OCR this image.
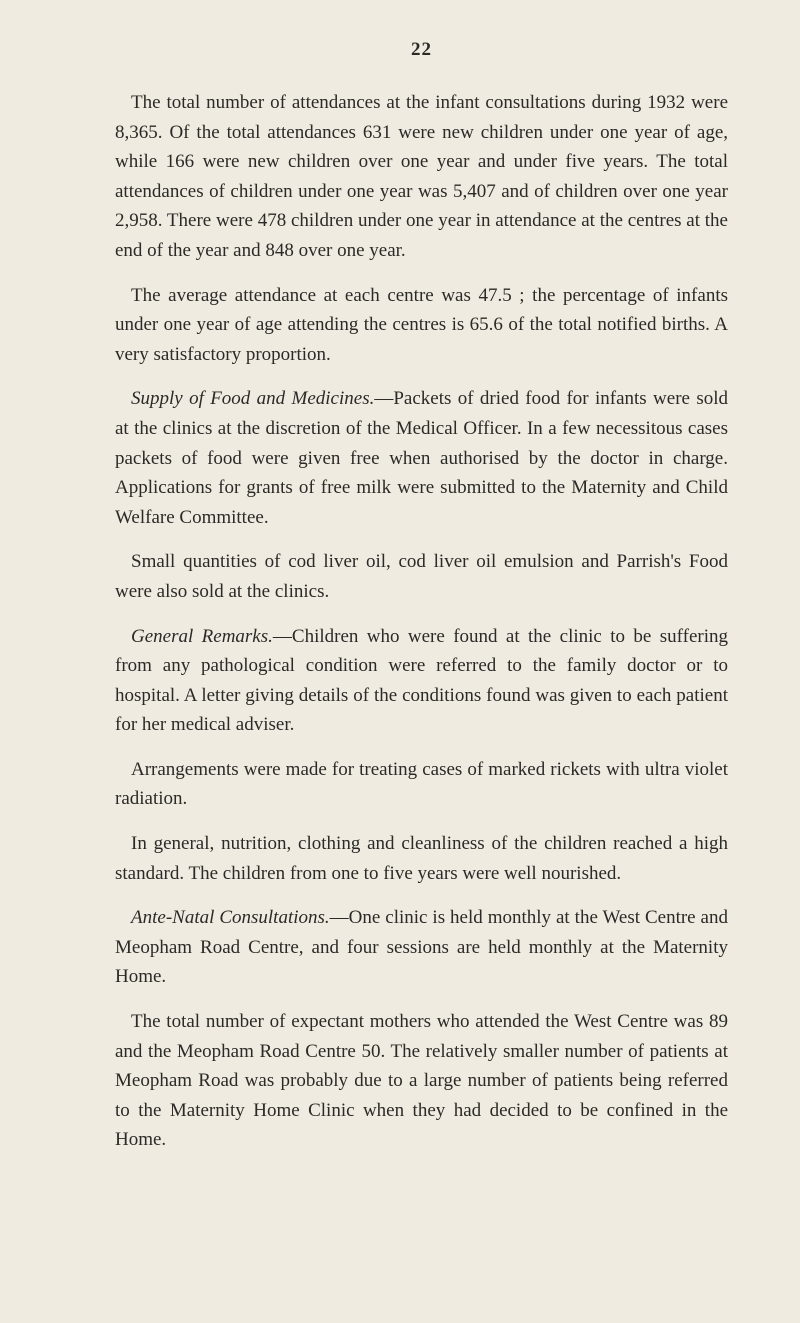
22

The total number of attendances at the infant consultations during 1932 were 8,365. Of the total attendances 631 were new children under one year of age, while 166 were new children over one year and under five years. The total attendances of children under one year was 5,407 and of children over one year 2,958. There were 478 children under one year in attendance at the centres at the end of the year and 848 over one year.

The average attendance at each centre was 47.5 ; the percentage of infants under one year of age attending the centres is 65.6 of the total notified births. A very satisfactory proportion.

Supply of Food and Medicines.—Packets of dried food for infants were sold at the clinics at the discretion of the Medical Officer. In a few necessitous cases packets of food were given free when authorised by the doctor in charge. Applications for grants of free milk were submitted to the Maternity and Child Welfare Committee.

Small quantities of cod liver oil, cod liver oil emulsion and Parrish's Food were also sold at the clinics.

General Remarks.—Children who were found at the clinic to be suffering from any pathological condition were referred to the family doctor or to hospital. A letter giving details of the conditions found was given to each patient for her medical adviser.

Arrangements were made for treating cases of marked rickets with ultra violet radiation.

In general, nutrition, clothing and cleanliness of the children reached a high standard. The children from one to five years were well nourished.

Ante-Natal Consultations.—One clinic is held monthly at the West Centre and Meopham Road Centre, and four sessions are held monthly at the Maternity Home.

The total number of expectant mothers who attended the West Centre was 89 and the Meopham Road Centre 50. The relatively smaller number of patients at Meopham Road was probably due to a large number of patients being referred to the Maternity Home Clinic when they had decided to be confined in the Home.
